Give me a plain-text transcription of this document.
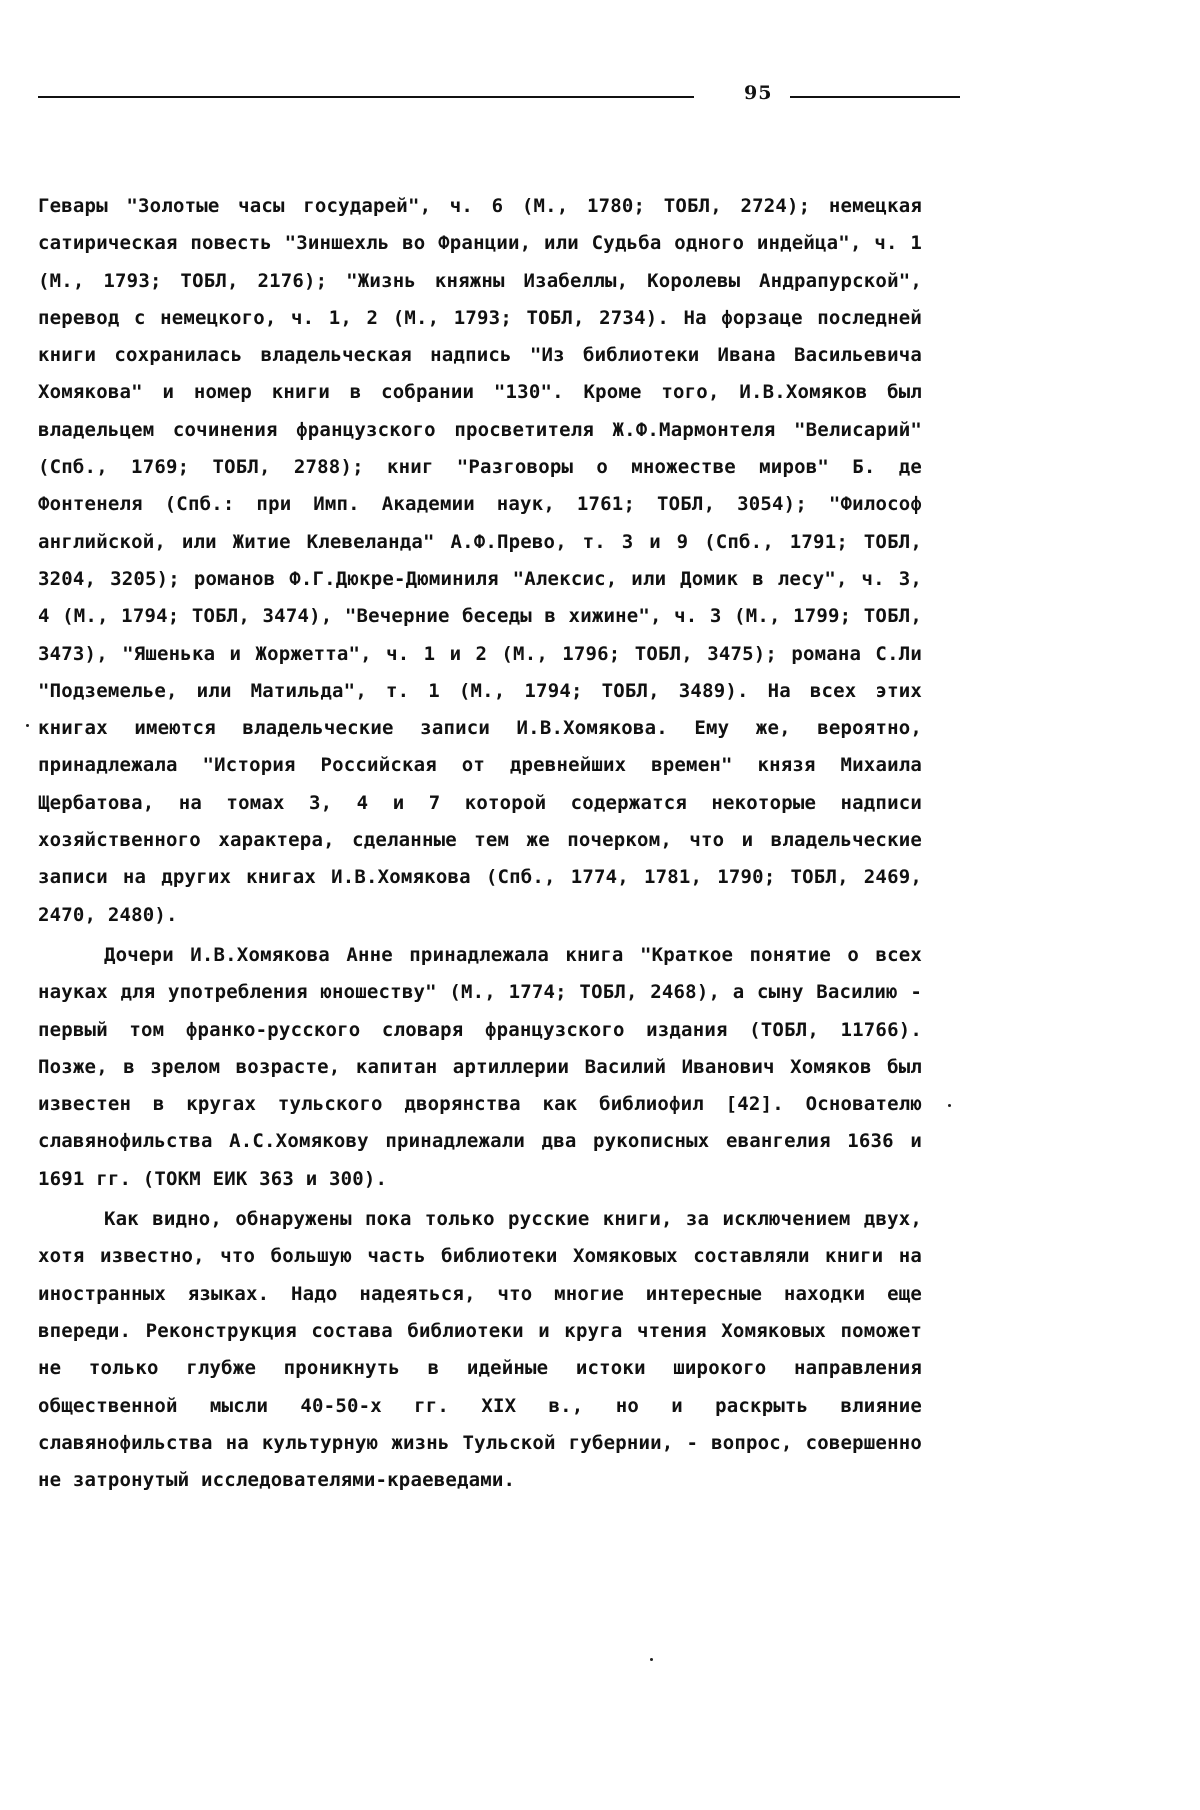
95

Гевары "Золотые часы государей", ч. 6 (М., 1780; ТОБЛ, 2724); немецкая сатирическая повесть "Зиншехль во Франции, или Судьба одного индейца", ч. 1 (М., 1793; ТОБЛ, 2176); "Жизнь княжны Изабеллы, Королевы Андрапурской", перевод с немецкого, ч. 1, 2 (М., 1793; ТОБЛ, 2734). На форзаце последней книги сохранилась владельческая надпись "Из библиотеки Ивана Васильевича Хомякова" и номер книги в собрании "130". Кроме того, И.В.Хомяков был владельцем сочинения французского просветителя Ж.Ф.Мармонтеля "Велисарий" (Спб., 1769; ТОБЛ, 2788); книг "Разговоры о множестве миров" Б. де Фонтенеля (Спб.: при Имп. Академии наук, 1761; ТОБЛ, 3054); "Философ английской, или Житие Клевеланда" А.Ф.Прево, т. 3 и 9 (Спб., 1791; ТОБЛ, 3204, 3205); романов Ф.Г.Дюкре-Дюминиля "Алексис, или Домик в лесу", ч. 3, 4 (М., 1794; ТОБЛ, 3474), "Вечерние беседы в хижине", ч. 3 (М., 1799; ТОБЛ, 3473), "Яшенька и Жоржетта", ч. 1 и 2 (М., 1796; ТОБЛ, 3475); романа С.Ли "Подземелье, или Матильда", т. 1 (М., 1794; ТОБЛ, 3489). На всех этих книгах имеются владельческие записи И.В.Хомякова. Ему же, вероятно, принадлежала "История Российская от древнейших времен" князя Михаила Щербатова, на томах 3, 4 и 7 которой содержатся некоторые надписи хозяйственного характера, сделанные тем же почерком, что и владельческие записи на других книгах И.В.Хомякова (Спб., 1774, 1781, 1790; ТОБЛ, 2469, 2470, 2480).

Дочери И.В.Хомякова Анне принадлежала книга "Краткое понятие о всех науках для употребления юношеству" (М., 1774; ТОБЛ, 2468), а сыну Василию - первый том франко-русского словаря французского издания (ТОБЛ, 11766). Позже, в зрелом возрасте, капитан артиллерии Василий Иванович Хомяков был известен в кругах тульского дворянства как библиофил [42]. Основателю славянофильства А.С.Хомякову принадлежали два рукописных евангелия 1636 и 1691 гг. (ТОКМ ЕИК 363 и 300).

Как видно, обнаружены пока только русские книги, за исключением двух, хотя известно, что большую часть библиотеки Хомяковых составляли книги на иностранных языках. Надо надеяться, что многие интересные находки еще впереди. Реконструкция состава библиотеки и круга чтения Хомяковых поможет не только глубже проникнуть в идейные истоки широкого направления общественной мысли 40-50-х гг. XIX в., но и раскрыть влияние славянофильства на культурную жизнь Тульской губернии, - вопрос, совершенно не затронутый исследователями-краеведами.
